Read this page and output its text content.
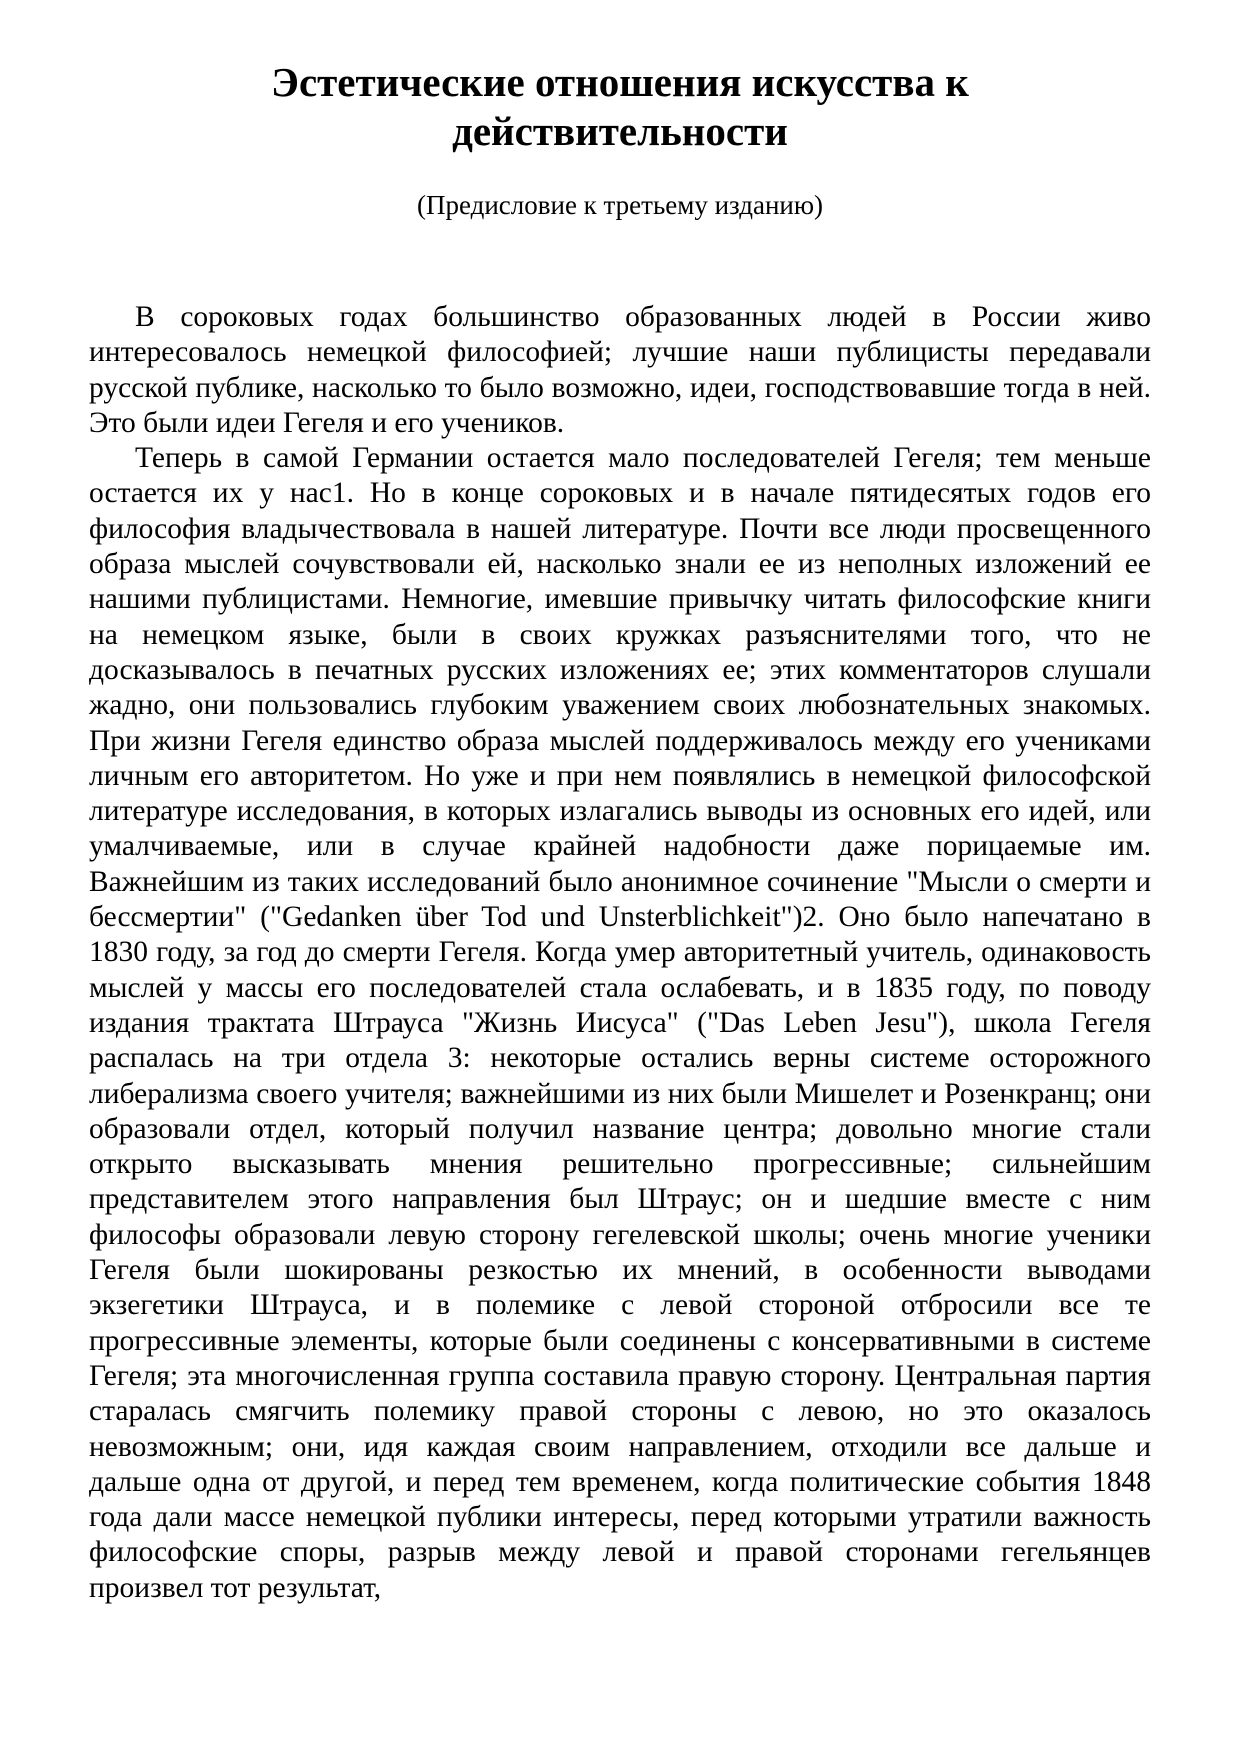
Эстетические отношения искусства к
действительности

(Предисловие к третьему изданию)

В сороковых годах большинство образованных людей в России живо интересовалось немецкой философией; лучшие наши публицисты передавали русской публике, насколько то было возможно, идеи, господствовавшие тогда в ней. Это были идеи Гегеля и его учеников.

Теперь в самой Германии остается мало последователей Гегеля; тем меньше остается их у нас1. Но в конце сороковых и в начале пятидесятых годов его философия владычествовала в нашей литературе. Почти все люди просвещенного образа мыслей сочувствовали ей, насколько знали ее из неполных изложений ее нашими публицистами. Немногие, имевшие привычку читать философские книги на немецком языке, были в своих кружках разъяснителями того, что не досказывалось в печатных русских изложениях ее; этих комментаторов слушали жадно, они пользовались глубоким уважением своих любознательных знакомых. При жизни Гегеля единство образа мыслей поддерживалось между его учениками личным его авторитетом. Но уже и при нем появлялись в немецкой философской литературе исследования, в которых излагались выводы из основных его идей, или умалчиваемые, или в случае крайней надобности даже порицаемые им. Важнейшим из таких исследований было анонимное сочинение "Мысли о смерти и бессмертии" ("Gedanken über Tod und Unsterblichkeit")2. Оно было напечатано в 1830 году, за год до смерти Гегеля. Когда умер авторитетный учитель, одинаковость мыслей у массы его последователей стала ослабевать, и в 1835 году, по поводу издания трактата Штрауса "Жизнь Иисуса" ("Das Leben Jesu"), школа Гегеля распалась на три отдела 3: некоторые остались верны системе осторожного либерализма своего учителя; важнейшими из них были Мишелет и Розенкранц; они образовали отдел, который получил название центра; довольно многие стали открыто высказывать мнения решительно прогрессивные; сильнейшим представителем этого направления был Штраус; он и шедшие вместе с ним философы образовали левую сторону гегелевской школы; очень многие ученики Гегеля были шокированы резкостью их мнений, в особенности выводами экзегетики Штрауса, и в полемике с левой стороной отбросили все те прогрессивные элементы, которые были соединены с консервативными в системе Гегеля; эта многочисленная группа составила правую сторону. Центральная партия старалась смягчить полемику правой стороны с левою, но это оказалось невозможным; они, идя каждая своим направлением, отходили все дальше и дальше одна от другой, и перед тем временем, когда политические события 1848 года дали массе немецкой публики интересы, перед которыми утратили важность философские споры, разрыв между левой и правой сторонами гегельянцев произвел тот результат,
